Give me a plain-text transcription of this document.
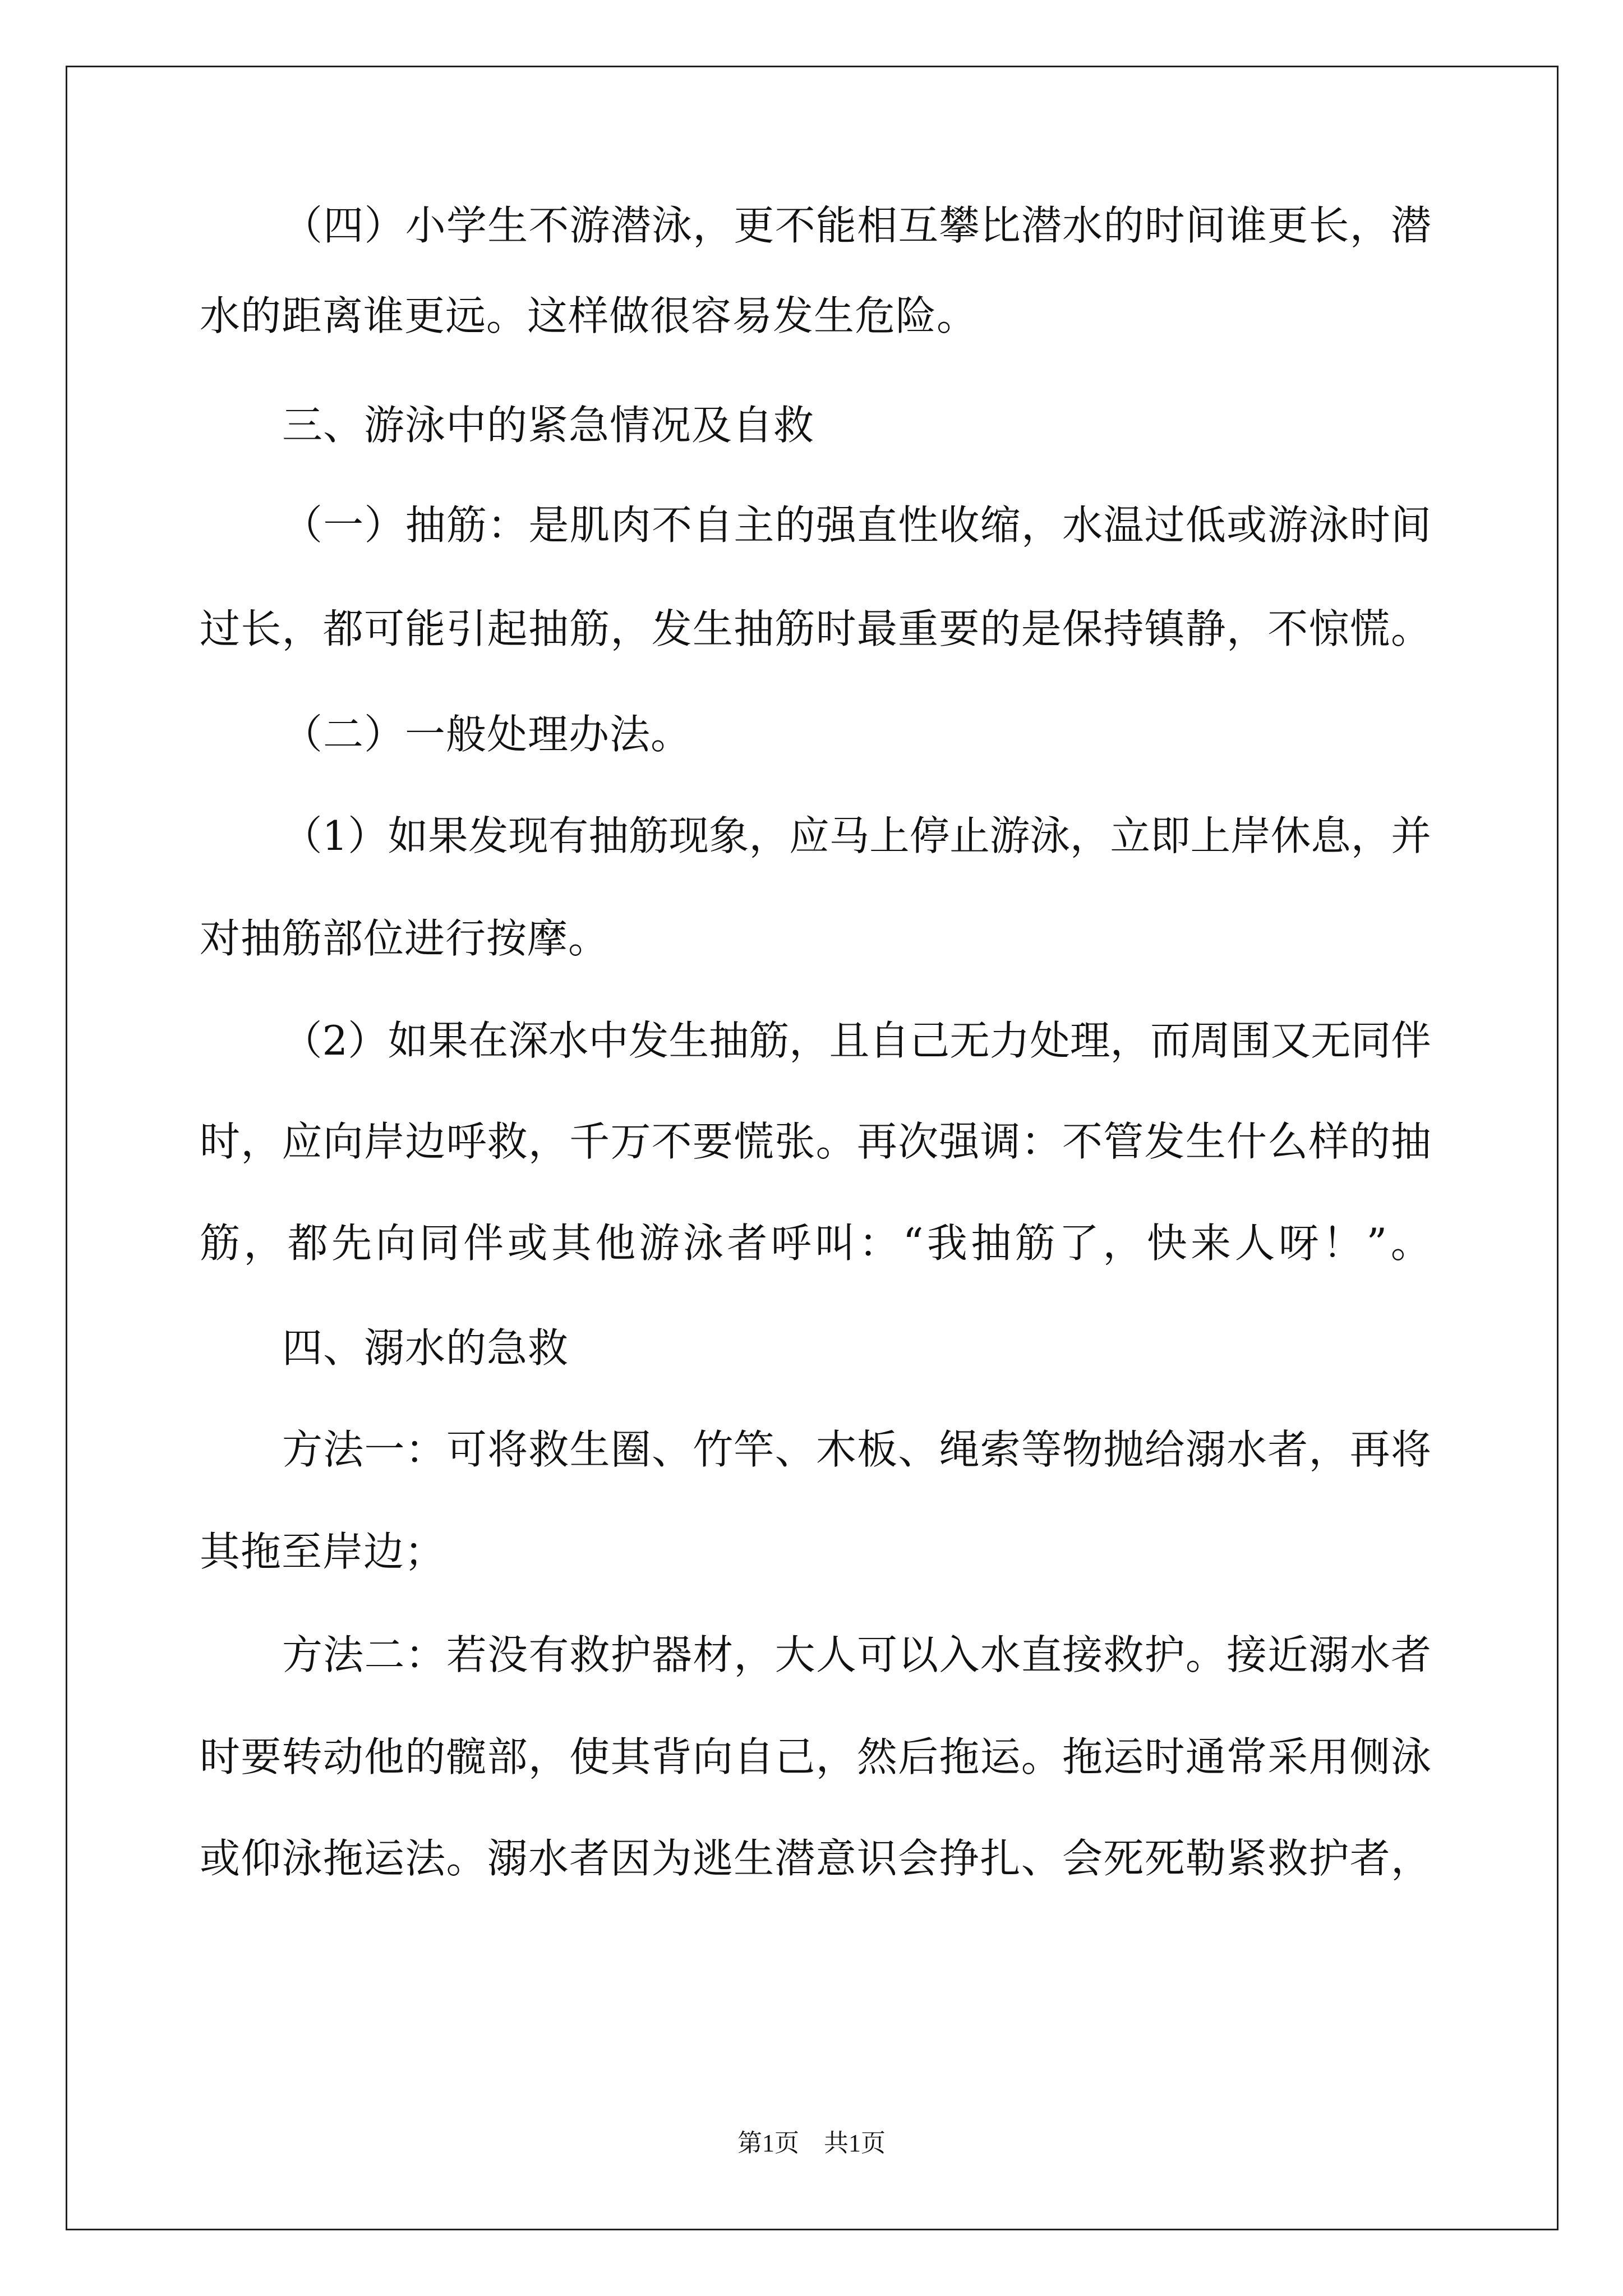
（四）小学生不游潜泳，更不能相互攀比潜水的时间谁更长，潜
水的距离谁更远。这样做很容易发生危险。
三、游泳中的紧急情况及自救
（一）抽筋：是肌肉不自主的强直性收缩，水温过低或游泳时间
过长，都可能引起抽筋，发生抽筋时最重要的是保持镇静，不惊慌。
（二）一般处理办法。
（1）如果发现有抽筋现象，应马上停止游泳，立即上岸休息，并
对抽筋部位进行按摩。
（2）如果在深水中发生抽筋，且自己无力处理，而周围又无同伴
时，应向岸边呼救，千万不要慌张。再次强调：不管发生什么样的抽
筋，都先向同伴或其他游泳者呼叫：“我抽筋了，快来人呀！”。
四、溺水的急救
方法一：可将救生圈、竹竿、木板、绳索等物抛给溺水者，再将
其拖至岸边；
方法二：若没有救护器材，大人可以入水直接救护。接近溺水者
时要转动他的髋部，使其背向自己，然后拖运。拖运时通常采用侧泳
或仰泳拖运法。溺水者因为逃生潜意识会挣扎、会死死勒紧救护者，
第1页 共1页
